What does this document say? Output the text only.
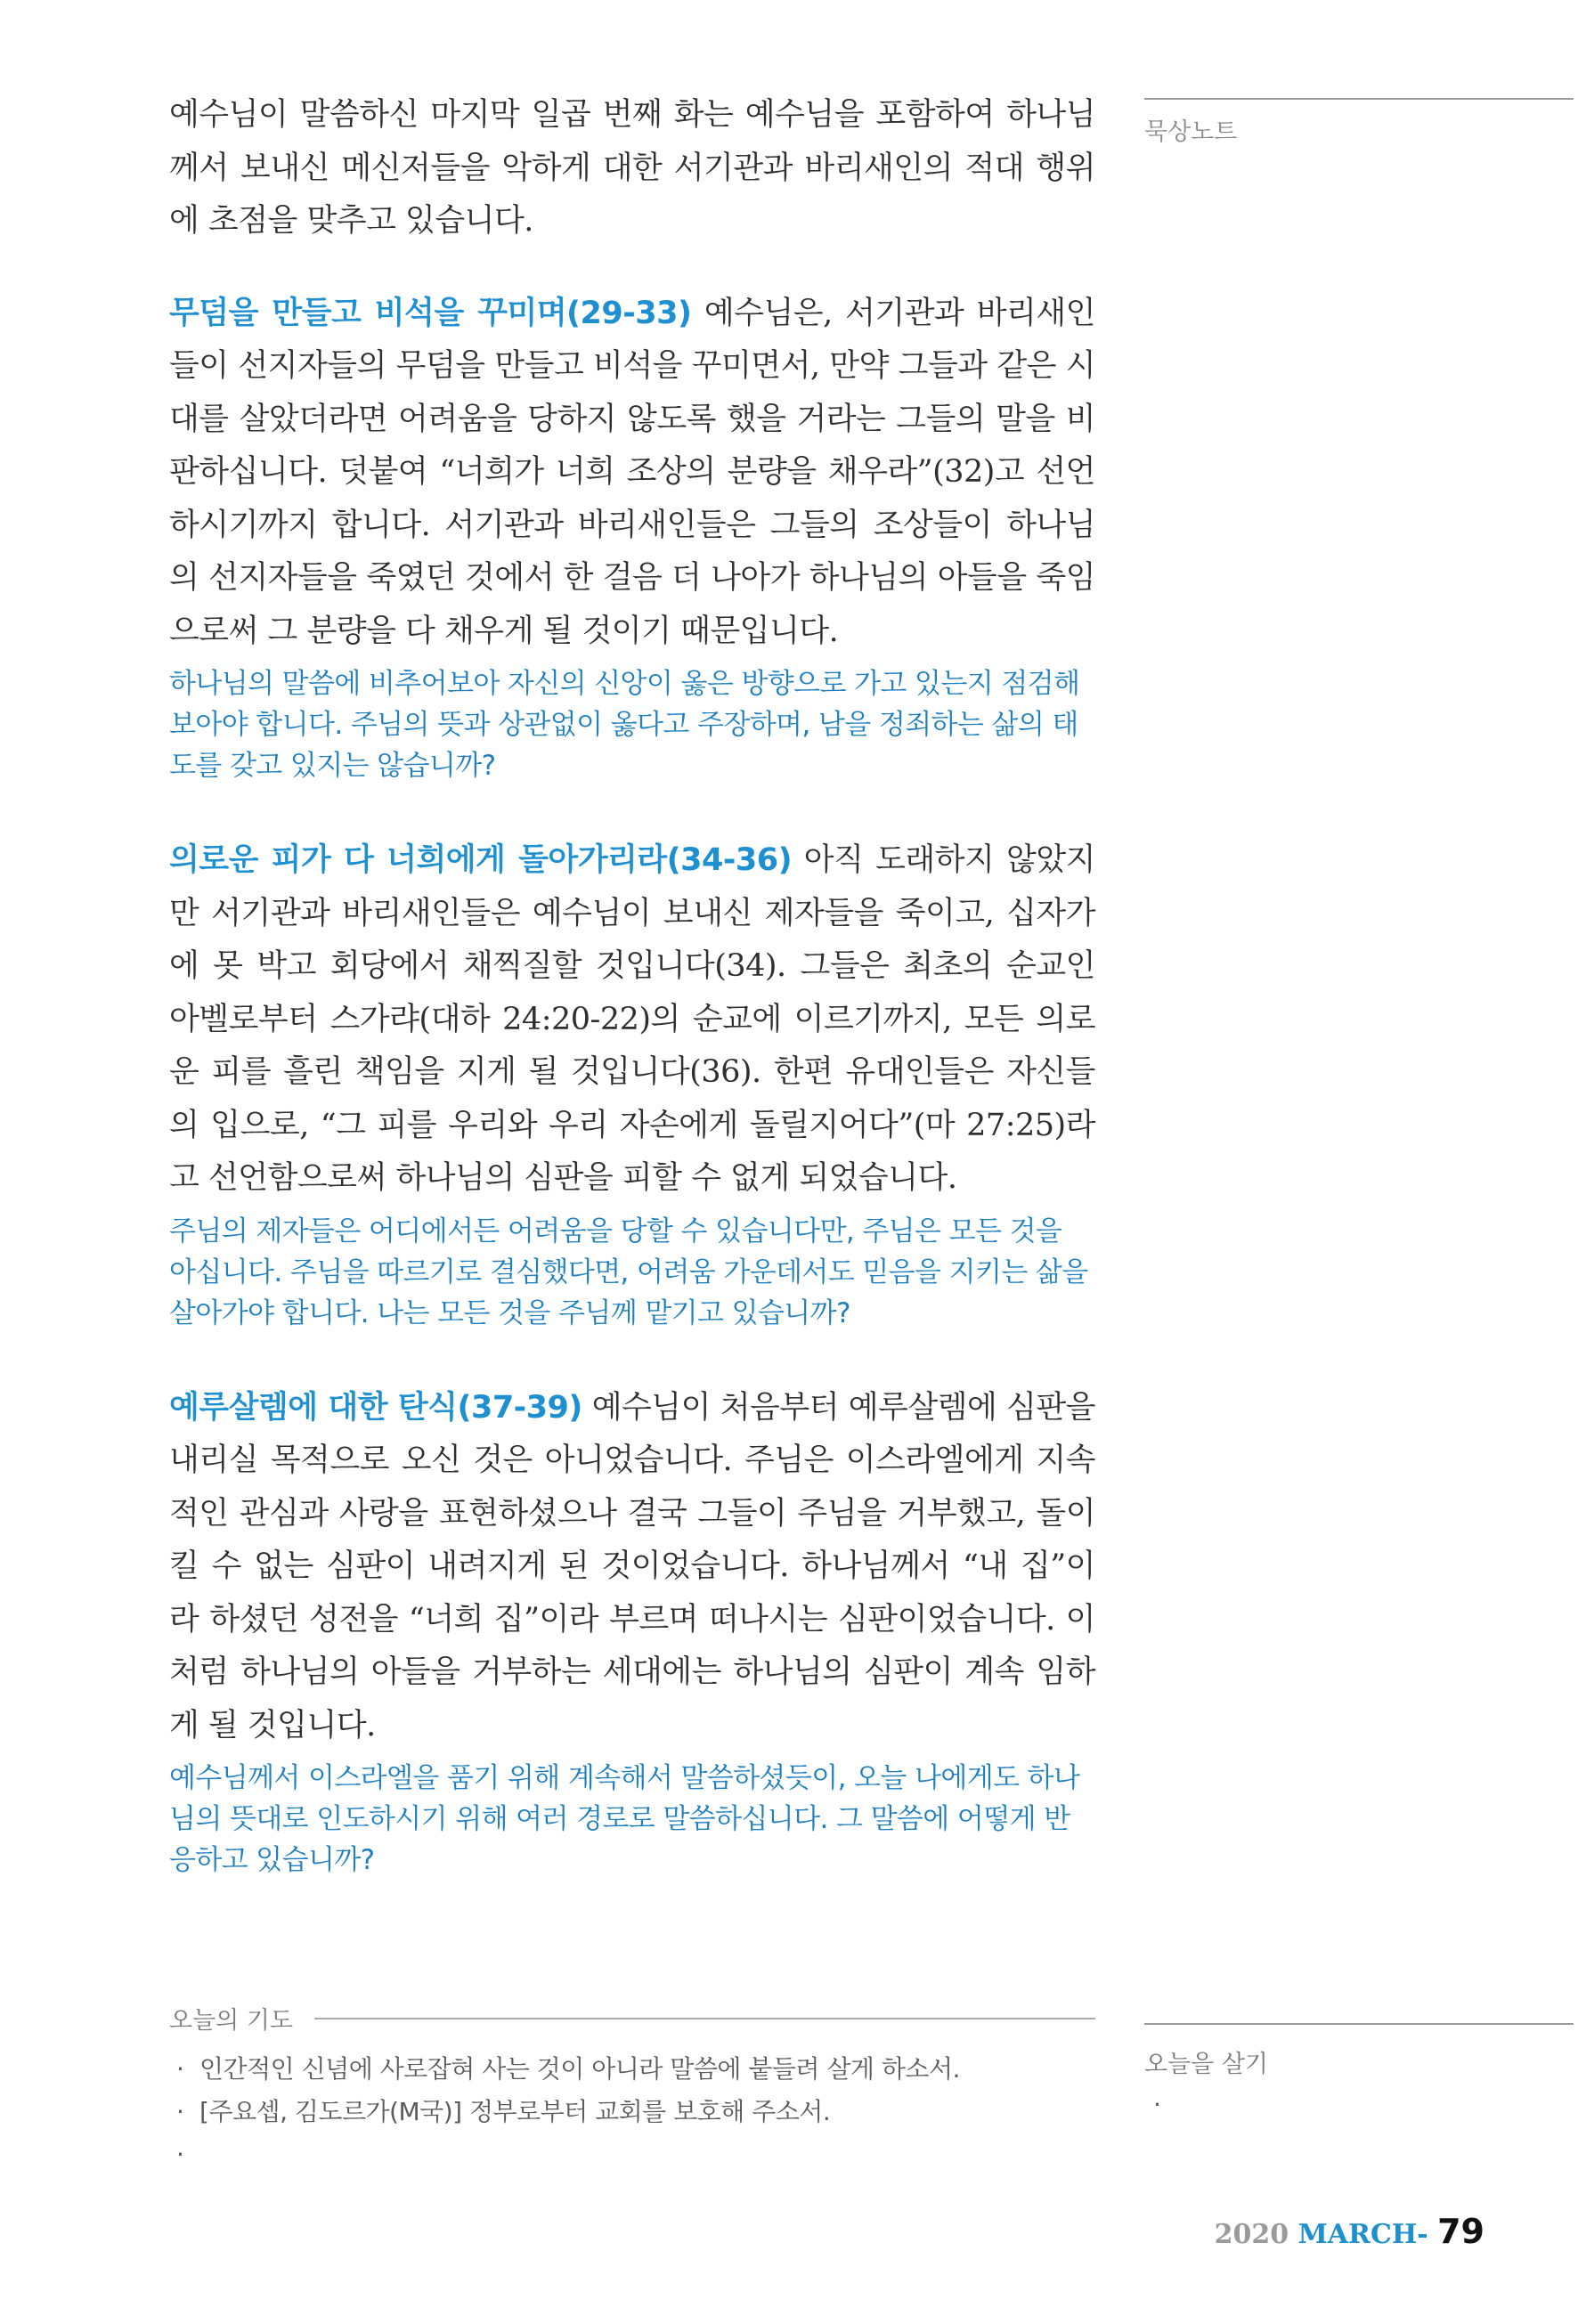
예수님이 말씀하신 마지막 일곱 번째 화는 예수님을 포함하여 하나님께서 보내신 메신저들을 악하게 대한 서기관과 바리새인의 적대 행위에 초점을 맞추고 있습니다.

무덤을 만들고 비석을 꾸미며(29-33) 예수님은, 서기관과 바리새인들이 선지자들의 무덤을 만들고 비석을 꾸미면서, 만약 그들과 같은 시대를 살았더라면 어려움을 당하지 않도록 했을 거라는 그들의 말을 비판하십니다. 덧붙여 “너희가 너희 조상의 분량을 채우라”(32)고 선언하시기까지 합니다. 서기관과 바리새인들은 그들의 조상들이 하나님의 선지자들을 죽였던 것에서 한 걸음 더 나아가 하나님의 아들을 죽임으로써 그 분량을 다 채우게 될 것이기 때문입니다.

하나님의 말씀에 비추어보아 자신의 신앙이 옳은 방향으로 가고 있는지 점검해보아야 합니다. 주님의 뜻과 상관없이 옳다고 주장하며, 남을 정죄하는 삶의 태도를 갖고 있지는 않습니까?

의로운 피가 다 너희에게 돌아가리라(34-36) 아직 도래하지 않았지만 서기관과 바리새인들은 예수님이 보내신 제자들을 죽이고, 십자가에 못 박고 회당에서 채찍질할 것입니다(34). 그들은 최초의 순교인 아벨로부터 스가랴(대하 24:20-22)의 순교에 이르기까지, 모든 의로운 피를 흘린 책임을 지게 될 것입니다(36). 한편 유대인들은 자신들의 입으로, “그 피를 우리와 우리 자손에게 돌릴지어다”(마 27:25)라고 선언함으로써 하나님의 심판을 피할 수 없게 되었습니다.

주님의 제자들은 어디에서든 어려움을 당할 수 있습니다만, 주님은 모든 것을 아십니다. 주님을 따르기로 결심했다면, 어려움 가운데서도 믿음을 지키는 삶을 살아가야 합니다. 나는 모든 것을 주님께 맡기고 있습니까?

예루살렘에 대한 탄식(37-39) 예수님이 처음부터 예루살렘에 심판을 내리실 목적으로 오신 것은 아니었습니다. 주님은 이스라엘에게 지속적인 관심과 사랑을 표현하셨으나 결국 그들이 주님을 거부했고, 돌이킬 수 없는 심판이 내려지게 된 것이었습니다. 하나님께서 “내 집”이라 하셨던 성전을 “너희 집”이라 부르며 떠나시는 심판이었습니다. 이처럼 하나님의 아들을 거부하는 세대에는 하나님의 심판이 계속 임하게 될 것입니다.

예수님께서 이스라엘을 품기 위해 계속해서 말씀하셨듯이, 오늘 나에게도 하나님의 뜻대로 인도하시기 위해 여러 경로로 말씀하십니다. 그 말씀에 어떻게 반응하고 있습니까?

묵상노트
오늘의 기도
· 인간적인 신념에 사로잡혀 사는 것이 아니라 말씀에 붙들려 살게 하소서.
· [주요셉, 김도르가(M국)] 정부로부터 교회를 보호해 주소서.
·
오늘을 살기
·
2020 MARCH- 79
